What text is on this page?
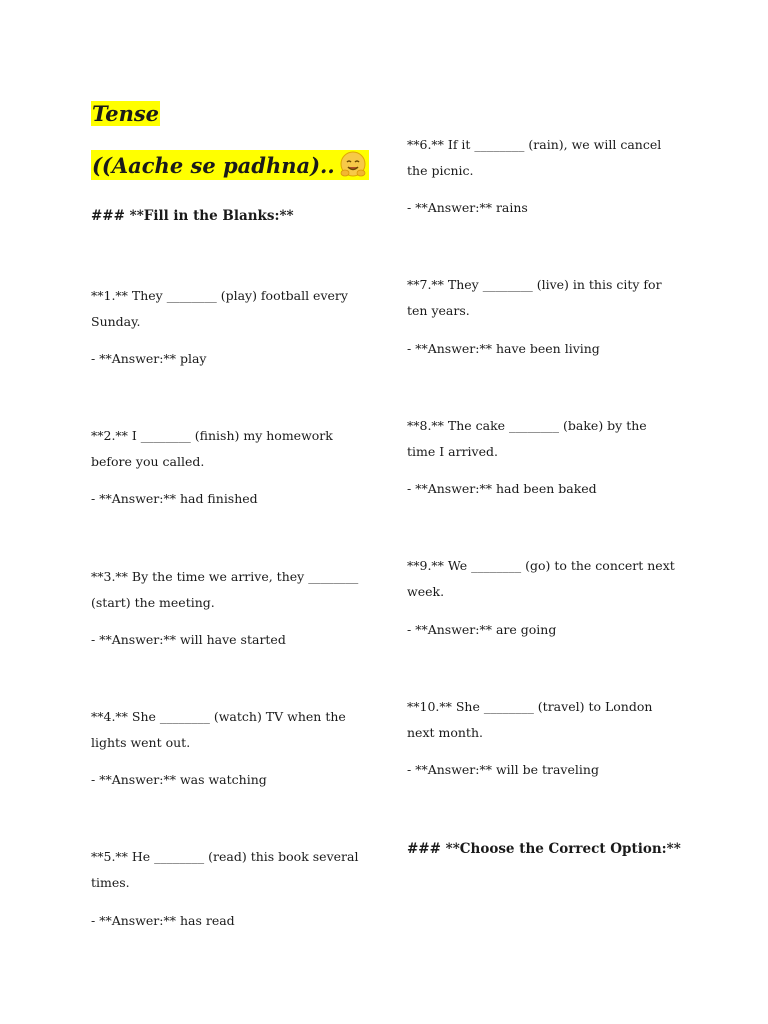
Tense
((Aache se padhna)..
### **Fill in the Blanks:**
**1.** They ________ (play) football every Sunday.
- **Answer:** play
**2.** I ________ (finish) my homework before you called.
- **Answer:** had finished
**3.** By the time we arrive, they ________ (start) the meeting.
- **Answer:** will have started
**4.** She ________ (watch) TV when the lights went out.
- **Answer:** was watching
**5.** He ________ (read) this book several times.
- **Answer:** has read
**6.** If it ________ (rain), we will cancel the picnic.
- **Answer:** rains
**7.** They ________ (live) in this city for ten years.
- **Answer:** have been living
**8.** The cake ________ (bake) by the time I arrived.
- **Answer:** had been baked
**9.** We ________ (go) to the concert next week.
- **Answer:** are going
**10.** She ________ (travel) to London next month.
- **Answer:** will be traveling
### **Choose the Correct Option:**
